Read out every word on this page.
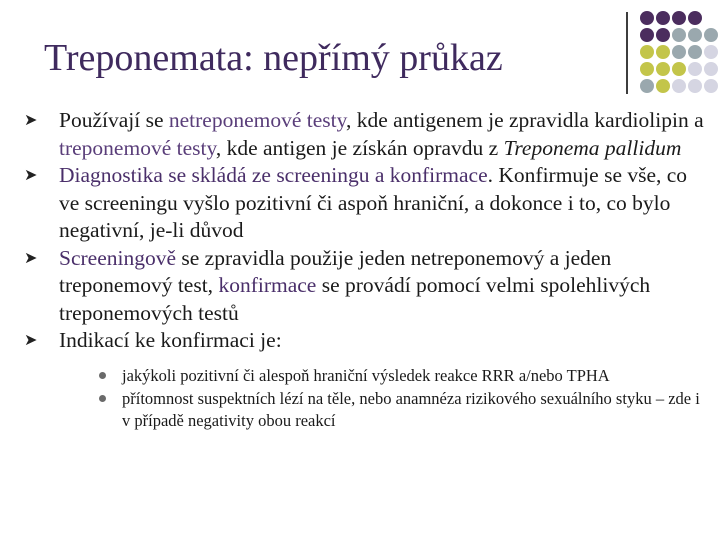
Treponemata: nepřímý průkaz
➤ Používají se netreponemové testy, kde antigenem je zpravidla kardiolipin a treponemové testy, kde antigen je získán opravdu z Treponema pallidum
➤ Diagnostika se skládá ze screeningu a konfirmace. Konfirmuje se vše, co ve screeningu vyšlo pozitivní či aspoň hraniční, a dokonce i to, co bylo negativní, je-li důvod
➤ Screeningově se zpravidla použije jeden netreponemový a jeden treponemový test, konfirmace se provádí pomocí velmi spolehlivých treponemových testů
➤ Indikací ke konfirmaci je:
jakýkoli pozitivní či alespoň hraniční výsledek reakce RRR a/nebo TPHA
přítomnost suspektních lézí na těle, nebo anamnéza rizikového sexuálního styku – zde i v případě negativity obou reakcí
